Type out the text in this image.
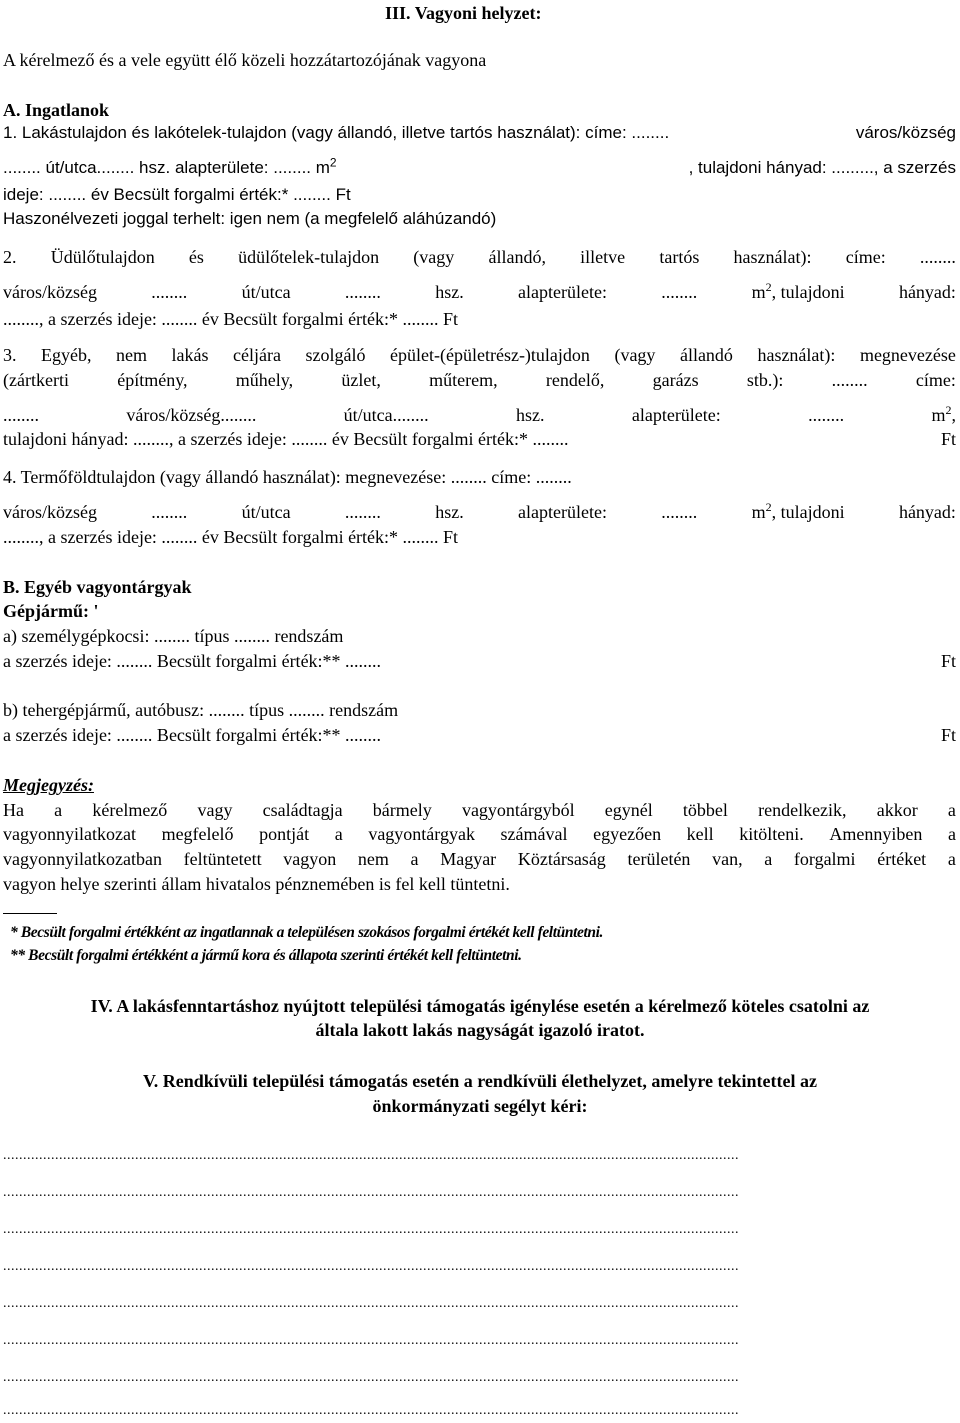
III. Vagyoni helyzet:
A kérelmező és a vele együtt élő közeli hozzátartozójának vagyona
A. Ingatlanok
1. Lakástulajdon és lakótelek-tulajdon (vagy állandó, illetve tartós használat): címe: ........	város/község
........ út/utca........ hsz. alapterülete: ........ $m^2$	, tulajdoni hányad: ........., a szerzés
ideje: ........ év Becsült forgalmi érték:* ........ Ft
Haszonélvezeti joggal terhelt: igen nem (a megfelelő aláhúzandó)
2. Üdülőtulajdon és üdülőtelek-tulajdon (vagy állandó, illetve tartós használat): címe: ........
város/község	........	út/utca	........	hsz.	alapterülete:	........	$m^2$, tulajdoni	hányad:
........, a szerzés ideje: ........ év Becsült forgalmi érték:* ........ Ft
3. Egyéb, nem lakás céljára szolgáló épület-(épületrész-)tulajdon (vagy állandó használat): megnevezése
(zártkerti	építmény,	műhely,	üzlet,	műterem,	rendelő,	garázs	stb.):	........	címe:
........	város/község........	út/utca........	hsz.	alapterülete:	........	$m^2$,
tulajdoni hányad: ........, a szerzés ideje: ........ év Becsült forgalmi érték:* ........	Ft
4. Termőföldtulajdon (vagy állandó használat): megnevezése: ........ címe: ........
város/község	........	út/utca	........	hsz.	alapterülete:	........	$m^2$, tulajdoni	hányad:
........, a szerzés ideje: ........ év Becsült forgalmi érték:* ........ Ft
B. Egyéb vagyontárgyak
Gépjármű: '
a) személygépkocsi: ........ típus ........ rendszám
a szerzés ideje: ........ Becsült forgalmi érték:** ........	Ft
b) tehergépjármű, autóbusz: ........ típus ........ rendszám
a szerzés ideje: ........ Becsült forgalmi érték:** ........	Ft
Megjegyzés:
Ha a kérelmező vagy családtagja bármely vagyontárgyból egynél többel rendelkezik, akkor a
vagyonnyilatkozat megfelelő pontját a vagyontárgyak számával egyezően kell kitölteni. Amennyiben a
vagyonnyilatkozatban feltüntetett vagyon nem a Magyar Köztársaság területén van, a forgalmi értéket a
vagyon helye szerinti állam hivatalos pénznemében is fel kell tüntetni.
* Becsült forgalmi értékként az ingatlannak a településen szokásos forgalmi értékét kell feltüntetni.
** Becsült forgalmi értékként a jármű kora és állapota szerinti értékét kell feltüntetni.
IV. A lakásfenntartáshoz nyújtott települési támogatás igénylése esetén a kérelmező köteles csatolni az
általa lakott lakás nagyságát igazoló iratot.
V. Rendkívüli települési támogatás esetén a rendkívüli élethelyzet, amelyre tekintettel az
önkormányzati segélyt kéri:
........................................................................................................................................................................................
........................................................................................................................................................................................
........................................................................................................................................................................................
........................................................................................................................................................................................
........................................................................................................................................................................................
........................................................................................................................................................................................
........................................................................................................................................................................................
........................................................................................................................................................................................
